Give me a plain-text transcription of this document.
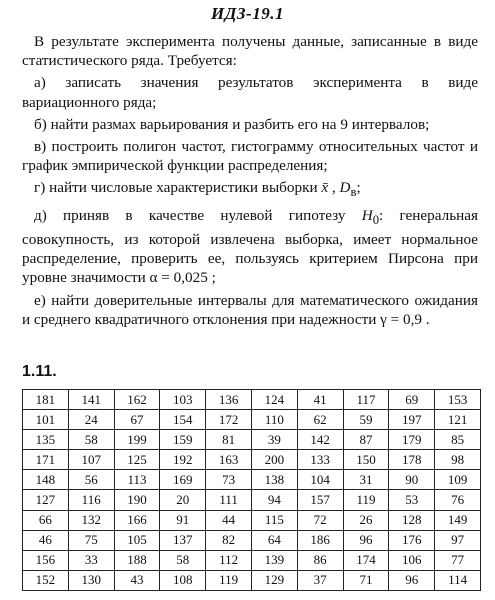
ИДЗ-19.1

В результате эксперимента получены данные, записанные в виде статистического ряда. Требуется:

а) записать значения результатов эксперимента в виде вариационного ряда;

б) найти размах варьирования и разбить его на 9 интервалов;

в) построить полигон частот, гистограмму относительных частот и график эмпирической функции распределения;

г) найти числовые характеристики выборки x̄ , $D_в$;

д) приняв в качестве нулевой гипотезу $H_0$: генеральная совокупность, из которой извлечена выборка, имеет нормальное распределение, проверить ее, пользуясь критерием Пирсона при уровне значимости α = 0,025 ;

е) найти доверительные интервалы для математического ожидания и среднего квадратичного отклонения при надежности γ = 0,9 .

1.11.
181	141	162	103	136	124	41	117	69	153
101	24	67	154	172	110	62	59	197	121
135	58	199	159	81	39	142	87	179	85
171	107	125	192	163	200	133	150	178	98
148	56	113	169	73	138	104	31	90	109
127	116	190	20	111	94	157	119	53	76
66	132	166	91	44	115	72	26	128	149
46	75	105	137	82	64	186	96	176	97
156	33	188	58	112	139	86	174	106	77
152	130	43	108	119	129	37	71	96	114
